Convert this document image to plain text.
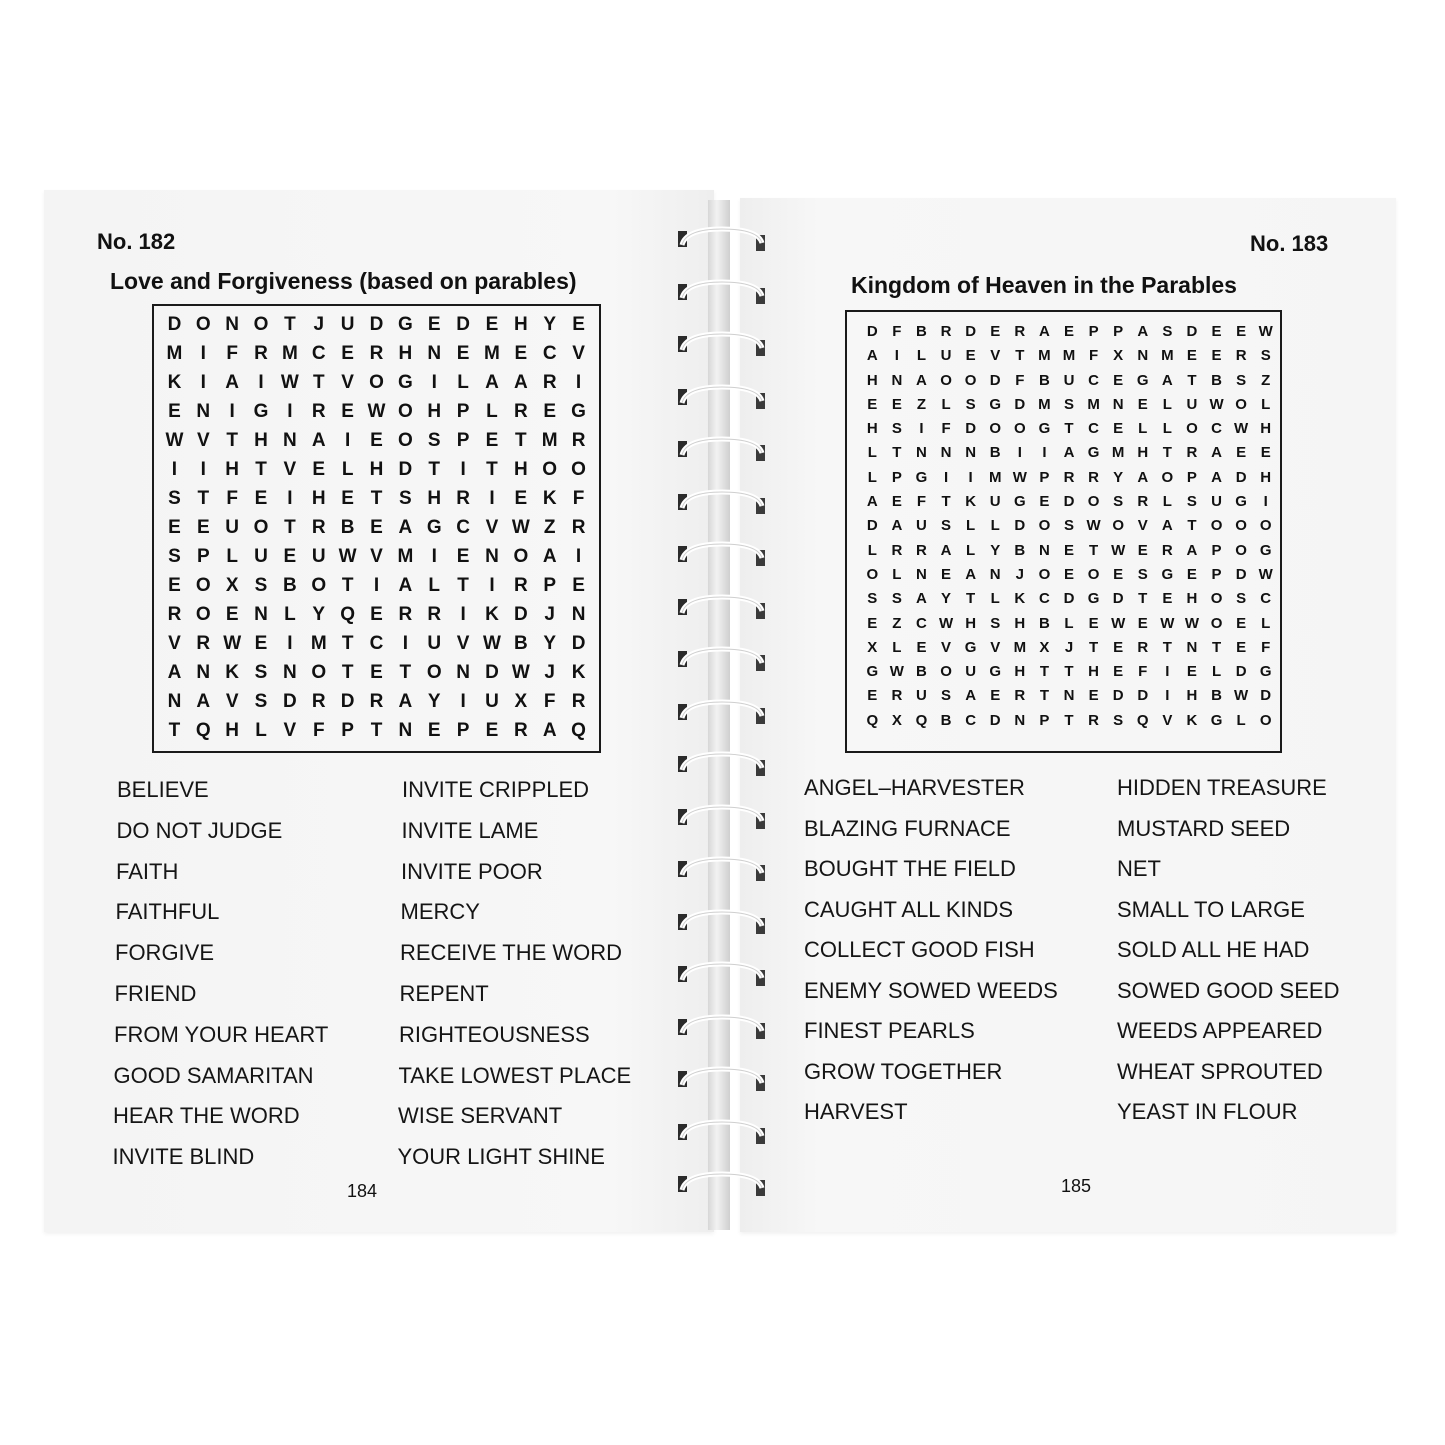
No. 182
Love and Forgiveness (based on parables)
D O N O T J U D G E D E H Y E
M I	F R M C E R H N E M E C V
K	I	A	I W T V O G I	L A A R	I
E N	I G I	R E W O H P L R E G
W V T H N A	I	E O S P E T M R
I	I	H T V E L H D T	I	T H O O
S T F E	I	H E T S H R	I	E K F
E E U O T R B E A G C V W Z R
S P L U E U W V M I	E N O A	I
E O X S B O T	I	A L T	I	R P E
R O E N L Y Q E R R	I	K D J N
V R W E	I M T C	I	U V W B Y D
A N K S N O T E T O N D W J K
N A V S D R D R A Y	I	U X F R
T Q H L V F P T N E P E R A Q
BELIEVE
DO NOT JUDGE
FAITH
FAITHFUL
FORGIVE
FRIEND
FROM YOUR HEART
GOOD SAMARITAN
HEAR THE WORD
INVITE BLIND
INVITE CRIPPLED
INVITE LAME
INVITE POOR
MERCY
RECEIVE THE WORD
REPENT
RIGHTEOUSNESS
TAKE LOWEST PLACE
WISE SERVANT
YOUR LIGHT SHINE
184
No. 183
Kingdom of Heaven in the Parables
D F B R D E R A E P P A S D E E W
A	I	L U E V T M M F	X N M E E R S
H N A O O D F B U C E G A T B S	Z
E E	Z	L	S G D M S M N E L U W O L
H S	I	F D O O G T C E	L	L O C W H
L	T N N N B	I	I	A G M H T R A E E
L P G	I	I	M W P R R Y A O P A D H
A E	F	T K U G E D O S R L	S U G	I
D A U S	L	L D O S W O V A T O O O
L R R A L	Y B N E T W E R A P O G
O L N E A N	J O E O E S G E P D W
S S A Y	T	L K C D G D T E H O S C
E Z C W H S H B L E W E W W O E	L
X L	E V G V M X	J	T	E R T N T E	F
G W B O U G H T	T H E	F	I	E	L D G
E R U S A E R T N E D D	I	H B W D
Q X Q B C D N P	T R S Q V K G L O
ANGEL–HARVESTER
BLAZING FURNACE
BOUGHT THE FIELD
CAUGHT ALL KINDS
COLLECT GOOD FISH
ENEMY SOWED WEEDS
FINEST PEARLS
GROW TOGETHER
HARVEST
HIDDEN TREASURE
MUSTARD SEED
NET
SMALL TO LARGE
SOLD ALL HE HAD
SOWED GOOD SEED
WEEDS APPEARED
WHEAT SPROUTED
YEAST IN FLOUR
185
